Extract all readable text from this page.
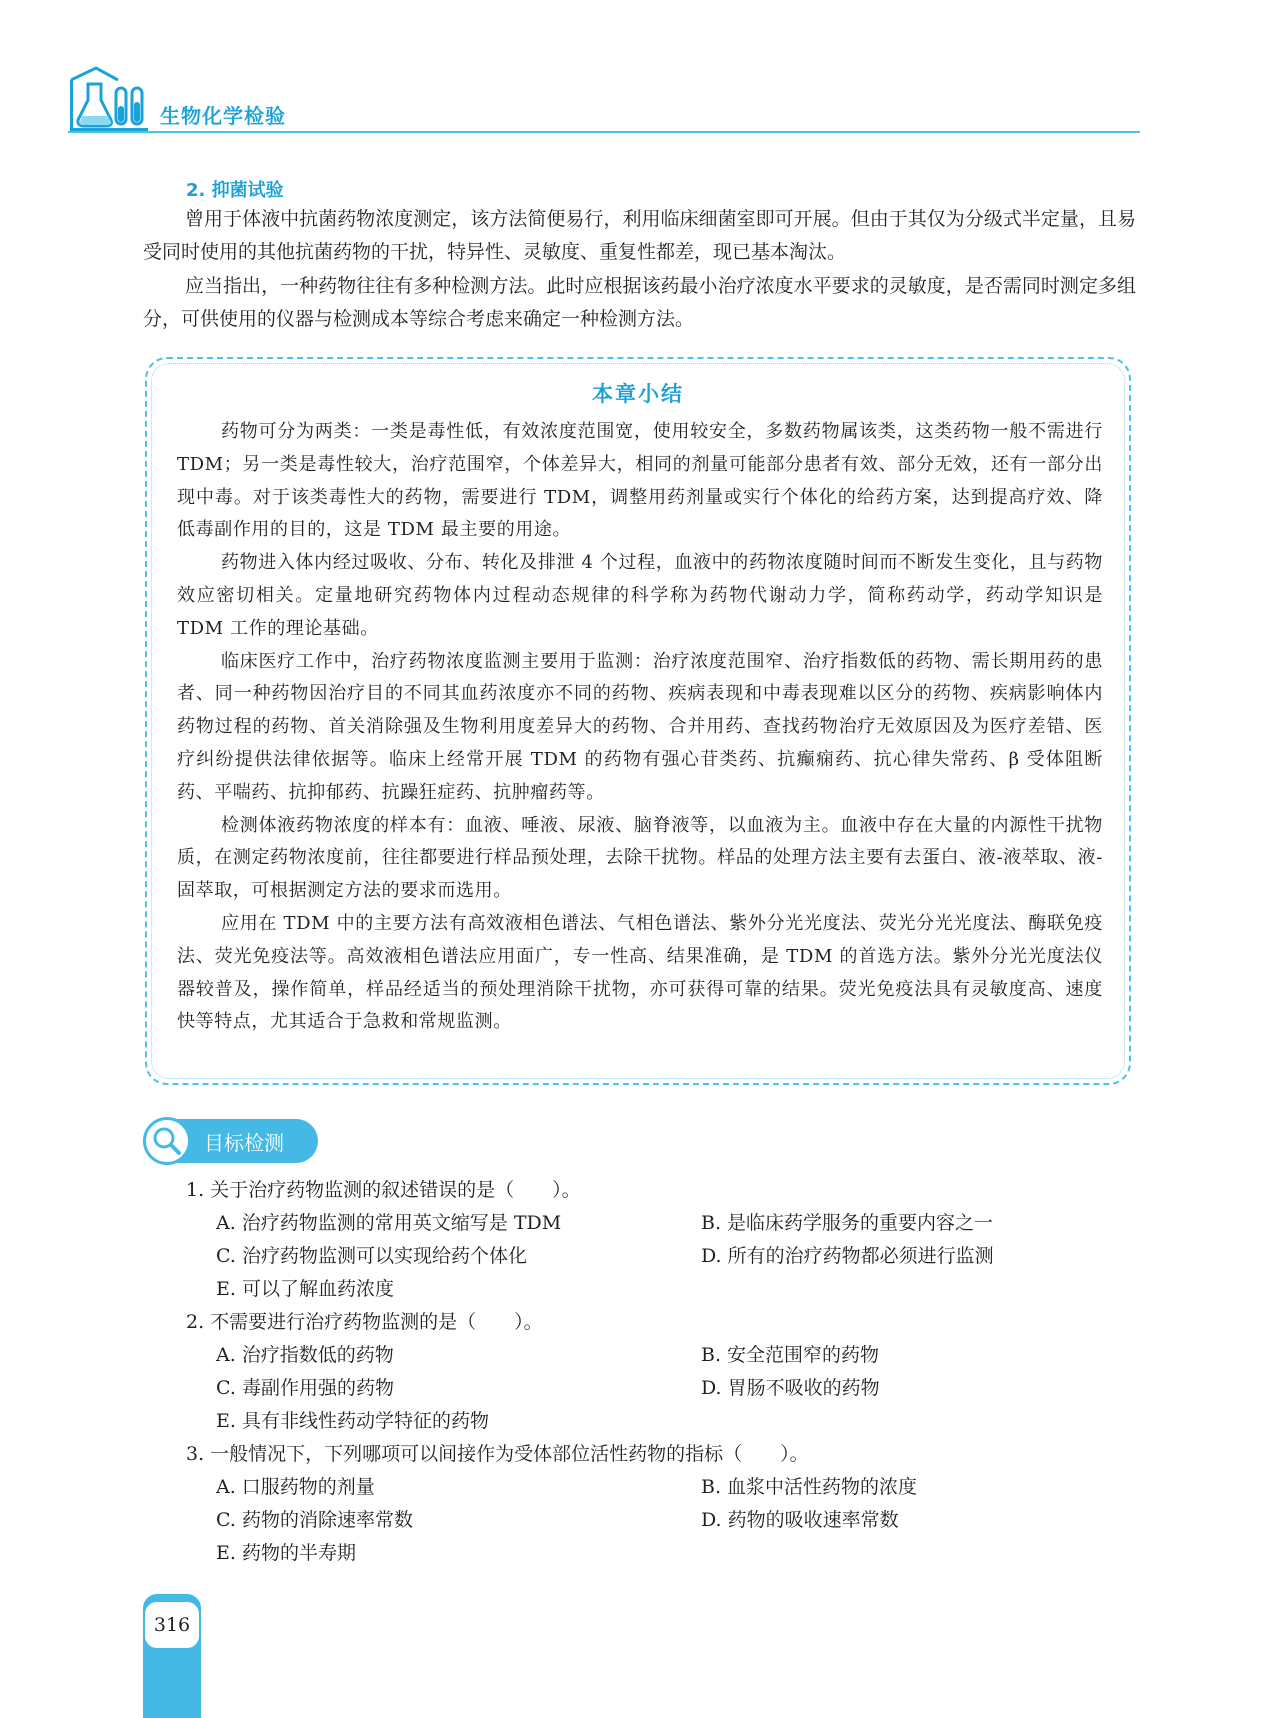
生物化学检验
2. 抑菌试验

曾用于体液中抗菌药物浓度测定，该方法简便易行，利用临床细菌室即可开展。但由于其仅为分级式半定量，且易受同时使用的其他抗菌药物的干扰，特异性、灵敏度、重复性都差，现已基本淘汰。

应当指出，一种药物往往有多种检测方法。此时应根据该药最小治疗浓度水平要求的灵敏度，是否需同时测定多组分，可供使用的仪器与检测成本等综合考虑来确定一种检测方法。

本章小结

药物可分为两类：一类是毒性低，有效浓度范围宽，使用较安全，多数药物属该类，这类药物一般不需进行 TDM；另一类是毒性较大，治疗范围窄，个体差异大，相同的剂量可能部分患者有效、部分无效，还有一部分出现中毒。对于该类毒性大的药物，需要进行 TDM，调整用药剂量或实行个体化的给药方案，达到提高疗效、降低毒副作用的目的，这是 TDM 最主要的用途。

药物进入体内经过吸收、分布、转化及排泄 4 个过程，血液中的药物浓度随时间而不断发生变化，且与药物效应密切相关。定量地研究药物体内过程动态规律的科学称为药物代谢动力学，简称药动学，药动学知识是 TDM 工作的理论基础。

临床医疗工作中，治疗药物浓度监测主要用于监测：治疗浓度范围窄、治疗指数低的药物、需长期用药的患者、同一种药物因治疗目的不同其血药浓度亦不同的药物、疾病表现和中毒表现难以区分的药物、疾病影响体内药物过程的药物、首关消除强及生物利用度差异大的药物、合并用药、查找药物治疗无效原因及为医疗差错、医疗纠纷提供法律依据等。临床上经常开展 TDM 的药物有强心苷类药、抗癫痫药、抗心律失常药、β 受体阻断药、平喘药、抗抑郁药、抗躁狂症药、抗肿瘤药等。

检测体液药物浓度的样本有：血液、唾液、尿液、脑脊液等，以血液为主。血液中存在大量的内源性干扰物质，在测定药物浓度前，往往都要进行样品预处理，去除干扰物。样品的处理方法主要有去蛋白、液-液萃取、液-固萃取，可根据测定方法的要求而选用。

应用在 TDM 中的主要方法有高效液相色谱法、气相色谱法、紫外分光光度法、荧光分光光度法、酶联免疫法、荧光免疫法等。高效液相色谱法应用面广，专一性高、结果准确，是 TDM 的首选方法。紫外分光光度法仪器较普及，操作简单，样品经适当的预处理消除干扰物，亦可获得可靠的结果。荧光免疫法具有灵敏度高、速度快等特点，尤其适合于急救和常规监测。

目标检测
1. 关于治疗药物监测的叙述错误的是（　　）。
A. 治疗药物监测的常用英文缩写是 TDM	B. 是临床药学服务的重要内容之一
C. 治疗药物监测可以实现给药个体化	D. 所有的治疗药物都必须进行监测
E. 可以了解血药浓度
2. 不需要进行治疗药物监测的是（　　）。
A. 治疗指数低的药物	B. 安全范围窄的药物
C. 毒副作用强的药物	D. 胃肠不吸收的药物
E. 具有非线性药动学特征的药物
3. 一般情况下，下列哪项可以间接作为受体部位活性药物的指标（　　）。
A. 口服药物的剂量	B. 血浆中活性药物的浓度
C. 药物的消除速率常数	D. 药物的吸收速率常数
E. 药物的半寿期
316
